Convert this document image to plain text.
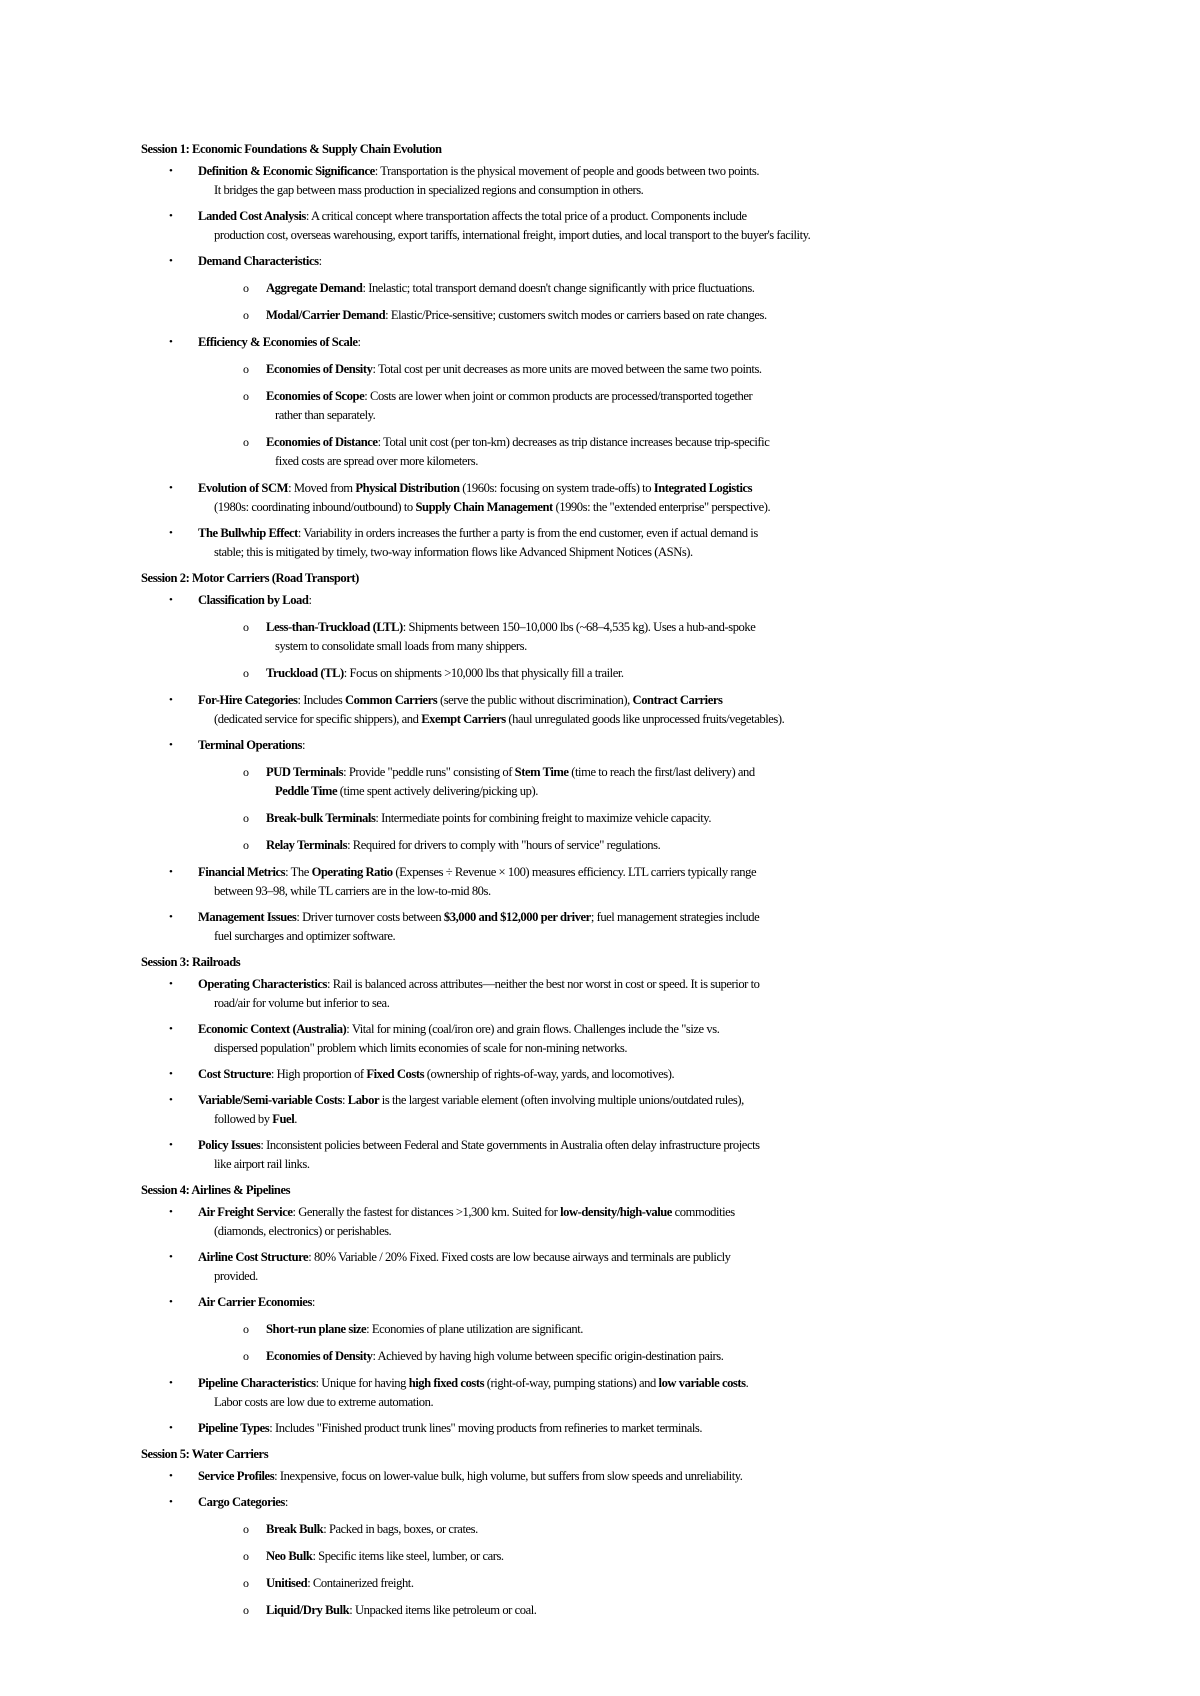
Session 1: Economic Foundations & Supply Chain Evolution
• Definition & Economic Significance: Transportation is the physical movement of people and goods between two points.
It bridges the gap between mass production in specialized regions and consumption in others.
• Landed Cost Analysis: A critical concept where transportation affects the total price of a product. Components include
production cost, overseas warehousing, export tariffs, international freight, import duties, and local transport to the buyer's facility.
• Demand Characteristics:
o Aggregate Demand: Inelastic; total transport demand doesn't change significantly with price fluctuations.
o Modal/Carrier Demand: Elastic/Price-sensitive; customers switch modes or carriers based on rate changes.
• Efficiency & Economies of Scale:
o Economies of Density: Total cost per unit decreases as more units are moved between the same two points.
o Economies of Scope: Costs are lower when joint or common products are processed/transported together
rather than separately.
o Economies of Distance: Total unit cost (per ton-km) decreases as trip distance increases because trip-specific
fixed costs are spread over more kilometers.
• Evolution of SCM: Moved from Physical Distribution (1960s: focusing on system trade-offs) to Integrated Logistics
(1980s: coordinating inbound/outbound) to Supply Chain Management (1990s: the "extended enterprise" perspective).
• The Bullwhip Effect: Variability in orders increases the further a party is from the end customer, even if actual demand is
stable; this is mitigated by timely, two-way information flows like Advanced Shipment Notices (ASNs).
Session 2: Motor Carriers (Road Transport)
• Classification by Load:
o Less-than-Truckload (LTL): Shipments between 150–10,000 lbs (~68–4,535 kg). Uses a hub-and-spoke
system to consolidate small loads from many shippers.
o Truckload (TL): Focus on shipments >10,000 lbs that physically fill a trailer.
• For-Hire Categories: Includes Common Carriers (serve the public without discrimination), Contract Carriers
(dedicated service for specific shippers), and Exempt Carriers (haul unregulated goods like unprocessed fruits/vegetables).
• Terminal Operations:
o PUD Terminals: Provide "peddle runs" consisting of Stem Time (time to reach the first/last delivery) and
Peddle Time (time spent actively delivering/picking up).
o Break-bulk Terminals: Intermediate points for combining freight to maximize vehicle capacity.
o Relay Terminals: Required for drivers to comply with "hours of service" regulations.
• Financial Metrics: The Operating Ratio (Expenses ÷ Revenue × 100) measures efficiency. LTL carriers typically range
between 93–98, while TL carriers are in the low-to-mid 80s.
• Management Issues: Driver turnover costs between $3,000 and $12,000 per driver; fuel management strategies include
fuel surcharges and optimizer software.
Session 3: Railroads
• Operating Characteristics: Rail is balanced across attributes—neither the best nor worst in cost or speed. It is superior to
road/air for volume but inferior to sea.
• Economic Context (Australia): Vital for mining (coal/iron ore) and grain flows. Challenges include the "size vs.
dispersed population" problem which limits economies of scale for non-mining networks.
• Cost Structure: High proportion of Fixed Costs (ownership of rights-of-way, yards, and locomotives).
• Variable/Semi-variable Costs: Labor is the largest variable element (often involving multiple unions/outdated rules),
followed by Fuel.
• Policy Issues: Inconsistent policies between Federal and State governments in Australia often delay infrastructure projects
like airport rail links.
Session 4: Airlines & Pipelines
• Air Freight Service: Generally the fastest for distances >1,300 km. Suited for low-density/high-value commodities
(diamonds, electronics) or perishables.
• Airline Cost Structure: 80% Variable / 20% Fixed. Fixed costs are low because airways and terminals are publicly
provided.
• Air Carrier Economies:
o Short-run plane size: Economies of plane utilization are significant.
o Economies of Density: Achieved by having high volume between specific origin-destination pairs.
• Pipeline Characteristics: Unique for having high fixed costs (right-of-way, pumping stations) and low variable costs.
Labor costs are low due to extreme automation.
• Pipeline Types: Includes "Finished product trunk lines" moving products from refineries to market terminals.
Session 5: Water Carriers
• Service Profiles: Inexpensive, focus on lower-value bulk, high volume, but suffers from slow speeds and unreliability.
• Cargo Categories:
o Break Bulk: Packed in bags, boxes, or crates.
o Neo Bulk: Specific items like steel, lumber, or cars.
o Unitised: Containerized freight.
o Liquid/Dry Bulk: Unpacked items like petroleum or coal.
